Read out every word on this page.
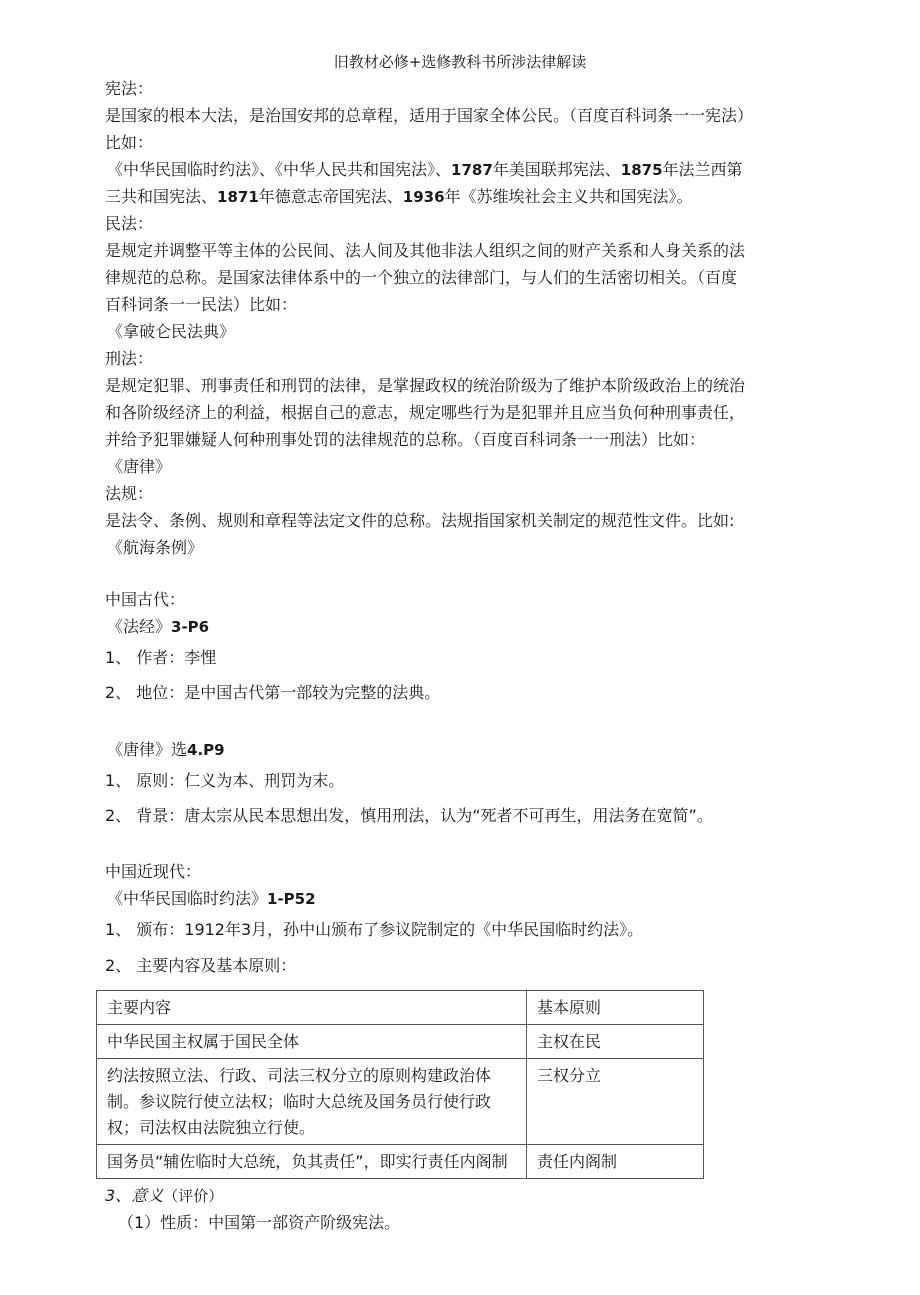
旧教材必修+选修教科书所涉法律解读
宪法：
是国家的根本大法，是治国安邦的总章程，适用于国家全体公民。（百度百科词条一一宪法）
比如：
《中华民国临时约法》、《中华人民共和国宪法》、1787年美国联邦宪法、1875年法兰西第
三共和国宪法、1871年德意志帝国宪法、1936年《苏维埃社会主义共和国宪法》。
民法：
是规定并调整平等主体的公民间、法人间及其他非法人组织之间的财产关系和人身关系的法
律规范的总称。是国家法律体系中的一个独立的法律部门，与人们的生活密切相关。（百度
百科词条一一民法）比如：
《拿破仑民法典》
刑法：
是规定犯罪、刑事责任和刑罚的法律，是掌握政权的统治阶级为了维护本阶级政治上的统治
和各阶级经济上的利益，根据自己的意志，规定哪些行为是犯罪并且应当负何种刑事责任，
并给予犯罪嫌疑人何种刑事处罚的法律规范的总称。（百度百科词条一一刑法）比如：
《唐律》
法规：
是法令、条例、规则和章程等法定文件的总称。法规指国家机关制定的规范性文件。比如:
《航海条例》
中国古代：
《法经》3-P6
1、 作者：李悝
2、 地位：是中国古代第一部较为完整的法典。
《唐律》选4.P9
1、 原则：仁义为本、刑罚为末。
2、 背景：唐太宗从民本思想出发，慎用刑法，认为“死者不可再生，用法务在宽简”。
中国近现代：
《中华民国临时约法》1-P52
1、 颁布：1912年3月，孙中山颁布了参议院制定的《中华民国临时约法》。
2、 主要内容及基本原则：
主要内容	基本原则
中华民国主权属于国民全体	主权在民
约法按照立法、行政、司法三权分立的原则构建政治体制。参议院行使立法权；临时大总统及国务员行使行政权；司法权由法院独立行使。	三权分立
国务员“辅佐临时大总统，负其责任”，即实行责任内阁制	责任内阁制
3、意义（评价）
（1）性质：中国第一部资产阶级宪法。
